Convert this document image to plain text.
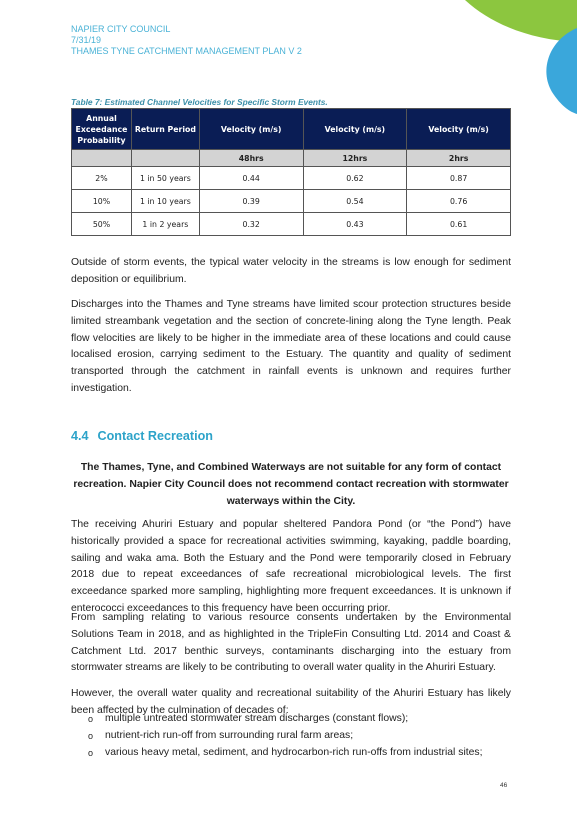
NAPIER CITY COUNCIL
7/31/19
THAMES TYNE CATCHMENT MANAGEMENT PLAN V 2
Table 7: Estimated Channel Velocities for Specific Storm Events.
Annual Exceedance Probability	Return Period	Velocity (m/s)	Velocity (m/s)	Velocity (m/s)
		48hrs	12hrs	2hrs
2%	1 in 50 years	0.44	0.62	0.87
10%	1 in 10 years	0.39	0.54	0.76
50%	1 in 2 years	0.32	0.43	0.61

Outside of storm events, the typical water velocity in the streams is low enough for sediment deposition or equilibrium.

Discharges into the Thames and Tyne streams have limited scour protection structures beside limited streambank vegetation and the section of concrete-lining along the Tyne length. Peak flow velocities are likely to be higher in the immediate area of these locations and could cause localised erosion, carrying sediment to the Estuary. The quantity and quality of sediment transported through the catchment in rainfall events is unknown and requires further investigation.

4.4 Contact Recreation

The Thames, Tyne, and Combined Waterways are not suitable for any form of contact recreation. Napier City Council does not recommend contact recreation with stormwater waterways within the City.

The receiving Ahuriri Estuary and popular sheltered Pandora Pond (or “the Pond”) have historically provided a space for recreational activities swimming, kayaking, paddle boarding, sailing and waka ama. Both the Estuary and the Pond were temporarily closed in February 2018 due to repeat exceedances of safe recreational microbiological levels. The first exceedance sparked more sampling, highlighting more frequent exceedances. It is unknown if enterococci exceedances to this frequency have been occurring prior.

From sampling relating to various resource consents undertaken by the Environmental Solutions Team in 2018, and as highlighted in the TripleFin Consulting Ltd. 2014 and Coast & Catchment Ltd. 2017 benthic surveys, contaminants discharging into the estuary from stormwater streams are likely to be contributing to overall water quality in the Ahuriri Estuary.

However, the overall water quality and recreational suitability of the Ahuriri Estuary has likely been affected by the culmination of decades of:

o multiple untreated stormwater stream discharges (constant flows);
o nutrient-rich run-off from surrounding rural farm areas;
o various heavy metal, sediment, and hydrocarbon-rich run-offs from industrial sites;
46
